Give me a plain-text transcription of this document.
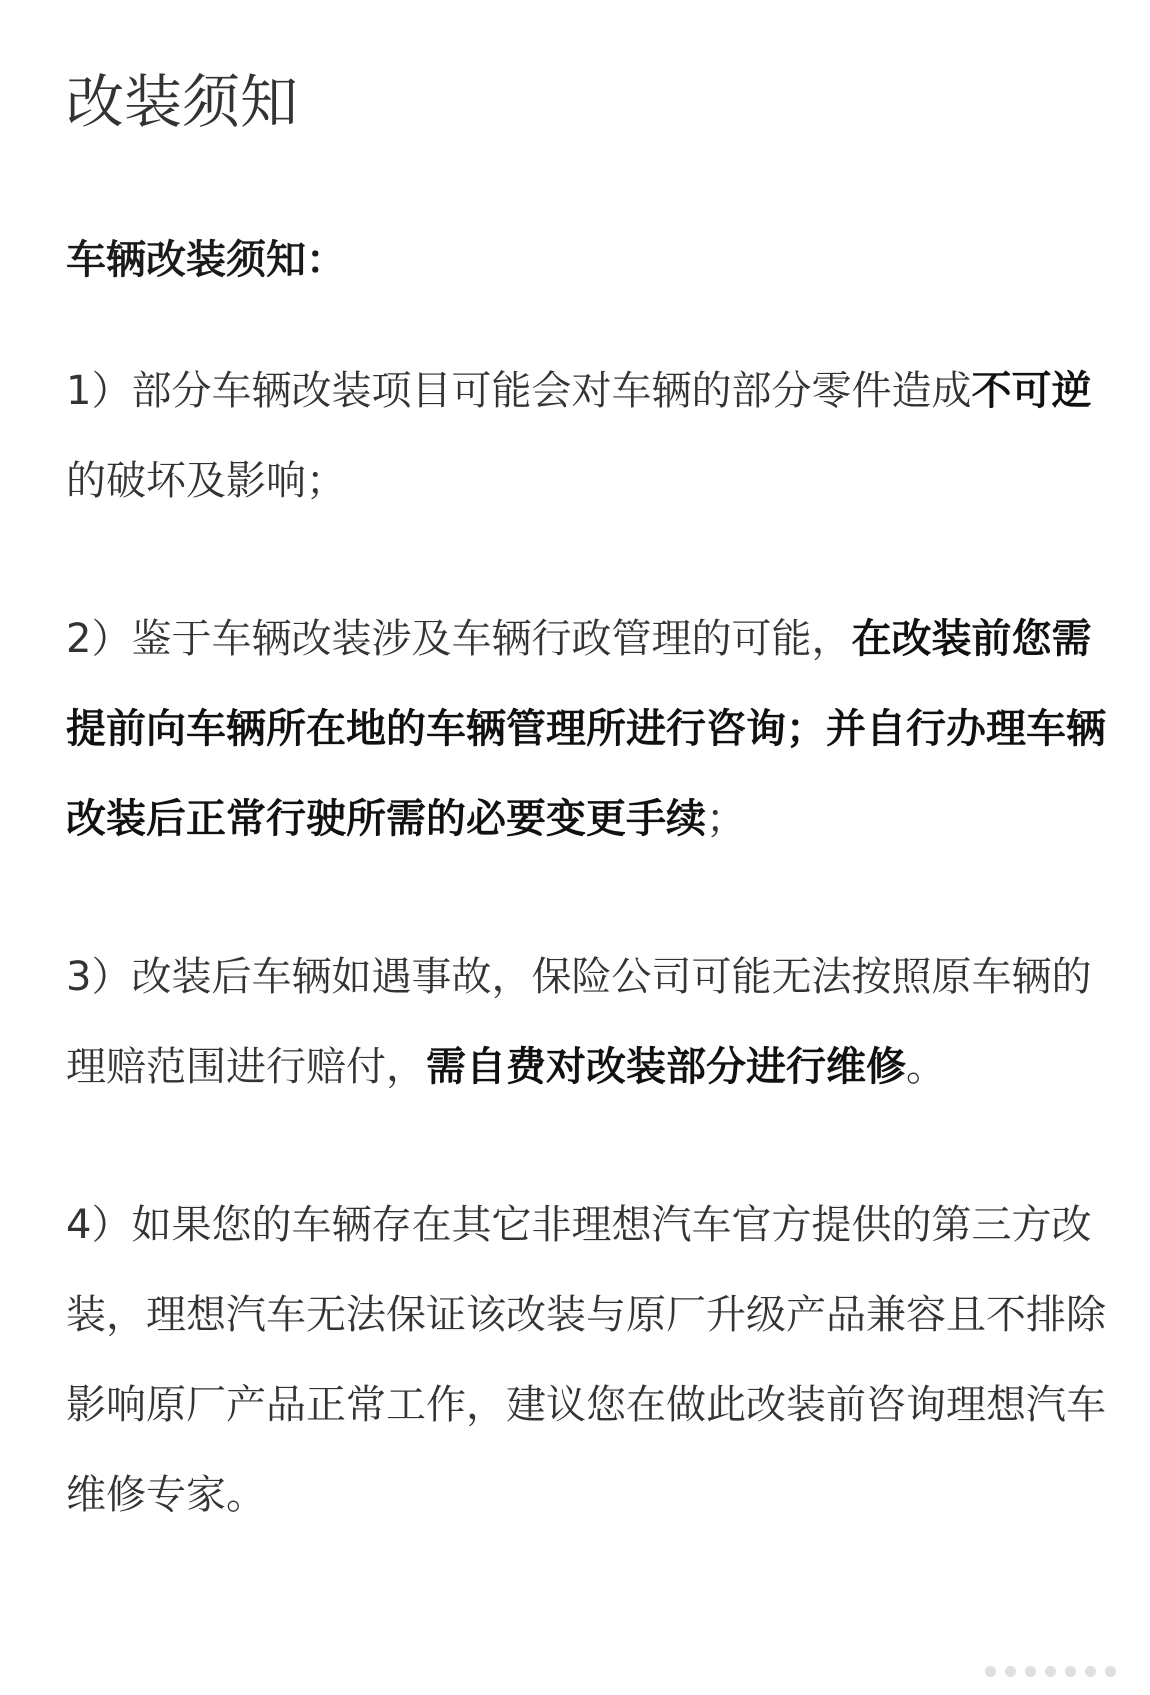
改装须知
车辆改装须知：

1）部分车辆改装项目可能会对车辆的部分零件造成不可逆的破坏及影响；

2）鉴于车辆改装涉及车辆行政管理的可能，在改装前您需提前向车辆所在地的车辆管理所进行咨询；并自行办理车辆改装后正常行驶所需的必要变更手续；

3）改装后车辆如遇事故，保险公司可能无法按照原车辆的理赔范围进行赔付，需自费对改装部分进行维修。

4）如果您的车辆存在其它非理想汽车官方提供的第三方改装，理想汽车无法保证该改装与原厂升级产品兼容且不排除影响原厂产品正常工作，建议您在做此改装前咨询理想汽车维修专家。
